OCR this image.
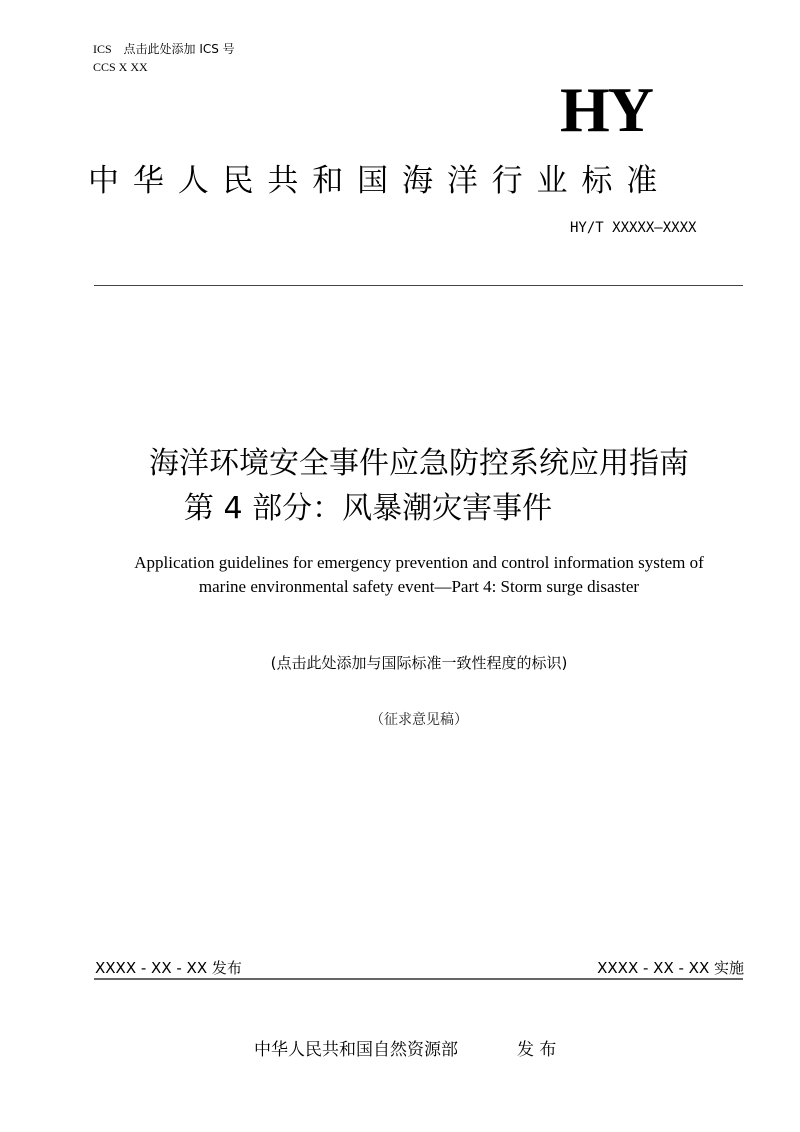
ICS 点击此处添加 ICS 号
CCS X XX
HY
中 华 人 民 共 和 国 海 洋 行 业 标 准
HY/T XXXXX—XXXX
海洋环境安全事件应急防控系统应用指南
第 4 部分：风暴潮灾害事件
Application guidelines for emergency prevention and control information system of
marine environmental safety event—Part 4: Storm surge disaster
(点击此处添加与国际标准一致性程度的标识)
（征求意见稿）
XXXX - XX - XX 发布	XXXX - XX - XX 实施
中华人民共和国自然资源部	发 布
